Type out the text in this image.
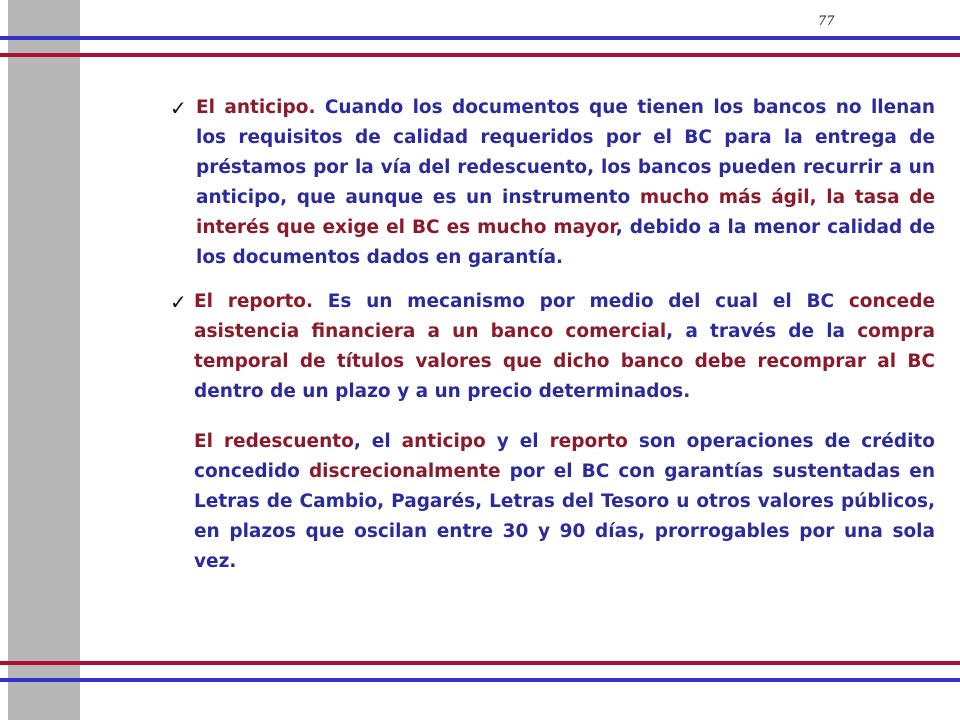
77
✓ El anticipo. Cuando los documentos que tienen los bancos no llenan los requisitos de calidad requeridos por el BC para la entrega de préstamos por la vía del redescuento, los bancos pueden recurrir a un anticipo, que aunque es un instrumento mucho más ágil, la tasa de interés que exige el BC es mucho mayor, debido a la menor calidad de los documentos dados en garantía.
✓ El reporto. Es un mecanismo por medio del cual el BC concede asistencia financiera a un banco comercial, a través de la compra temporal de títulos valores que dicho banco debe recomprar al BC dentro de un plazo y a un precio determinados.
El redescuento, el anticipo y el reporto son operaciones de crédito concedido discrecionalmente por el BC con garantías sustentadas en Letras de Cambio, Pagarés, Letras del Tesoro u otros valores públicos, en plazos que oscilan entre 30 y 90 días, prorrogables por una sola vez.
